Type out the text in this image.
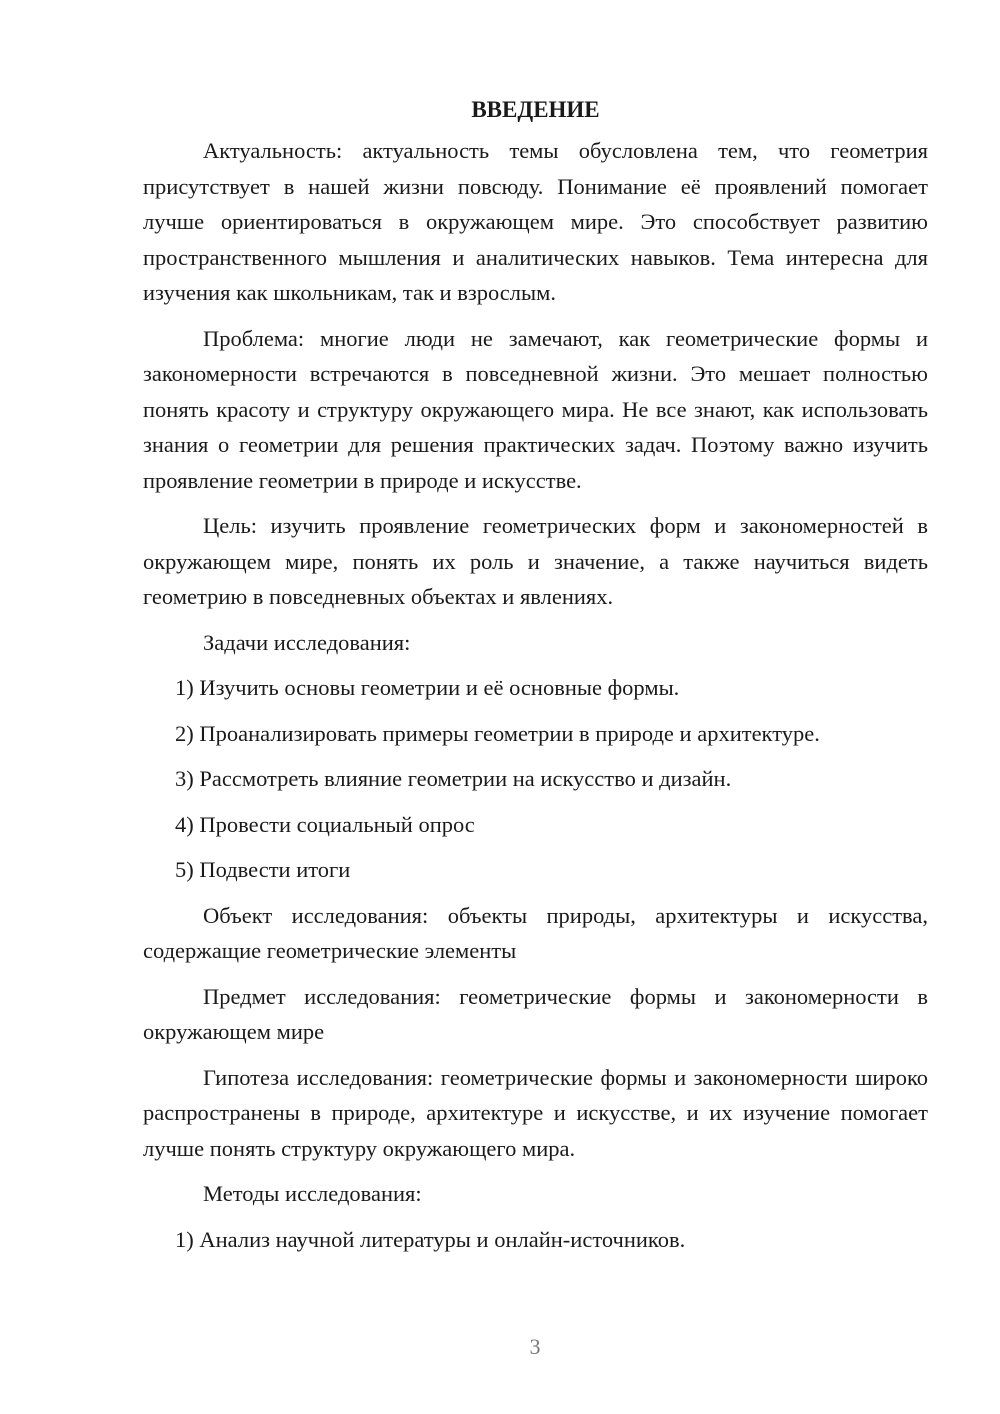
ВВЕДЕНИЕ

Актуальность: актуальность темы обусловлена тем, что геометрия присутствует в нашей жизни повсюду. Понимание её проявлений помогает лучше ориентироваться в окружающем мире. Это способствует развитию пространственного мышления и аналитических навыков. Тема интересна для изучения как школьникам, так и взрослым.

Проблема: многие люди не замечают, как геометрические формы и закономерности встречаются в повседневной жизни. Это мешает полностью понять красоту и структуру окружающего мира. Не все знают, как использовать знания о геометрии для решения практических задач. Поэтому важно изучить проявление геометрии в природе и искусстве.

Цель: изучить проявление геометрических форм и закономерностей в окружающем мире, понять их роль и значение, а также научиться видеть геометрию в повседневных объектах и явлениях.

Задачи исследования:
1) Изучить основы геометрии и её основные формы.
2) Проанализировать примеры геометрии в природе и архитектуре.
3) Рассмотреть влияние геометрии на искусство и дизайн.
4) Провести социальный опрос
5) Подвести итоги

Объект исследования: объекты природы, архитектуры и искусства, содержащие геометрические элементы

Предмет исследования: геометрические формы и закономерности в окружающем мире

Гипотеза исследования: геометрические формы и закономерности широко распространены в природе, архитектуре и искусстве, и их изучение помогает лучше понять структуру окружающего мира.

Методы исследования:
1) Анализ научной литературы и онлайн-источников.
3
